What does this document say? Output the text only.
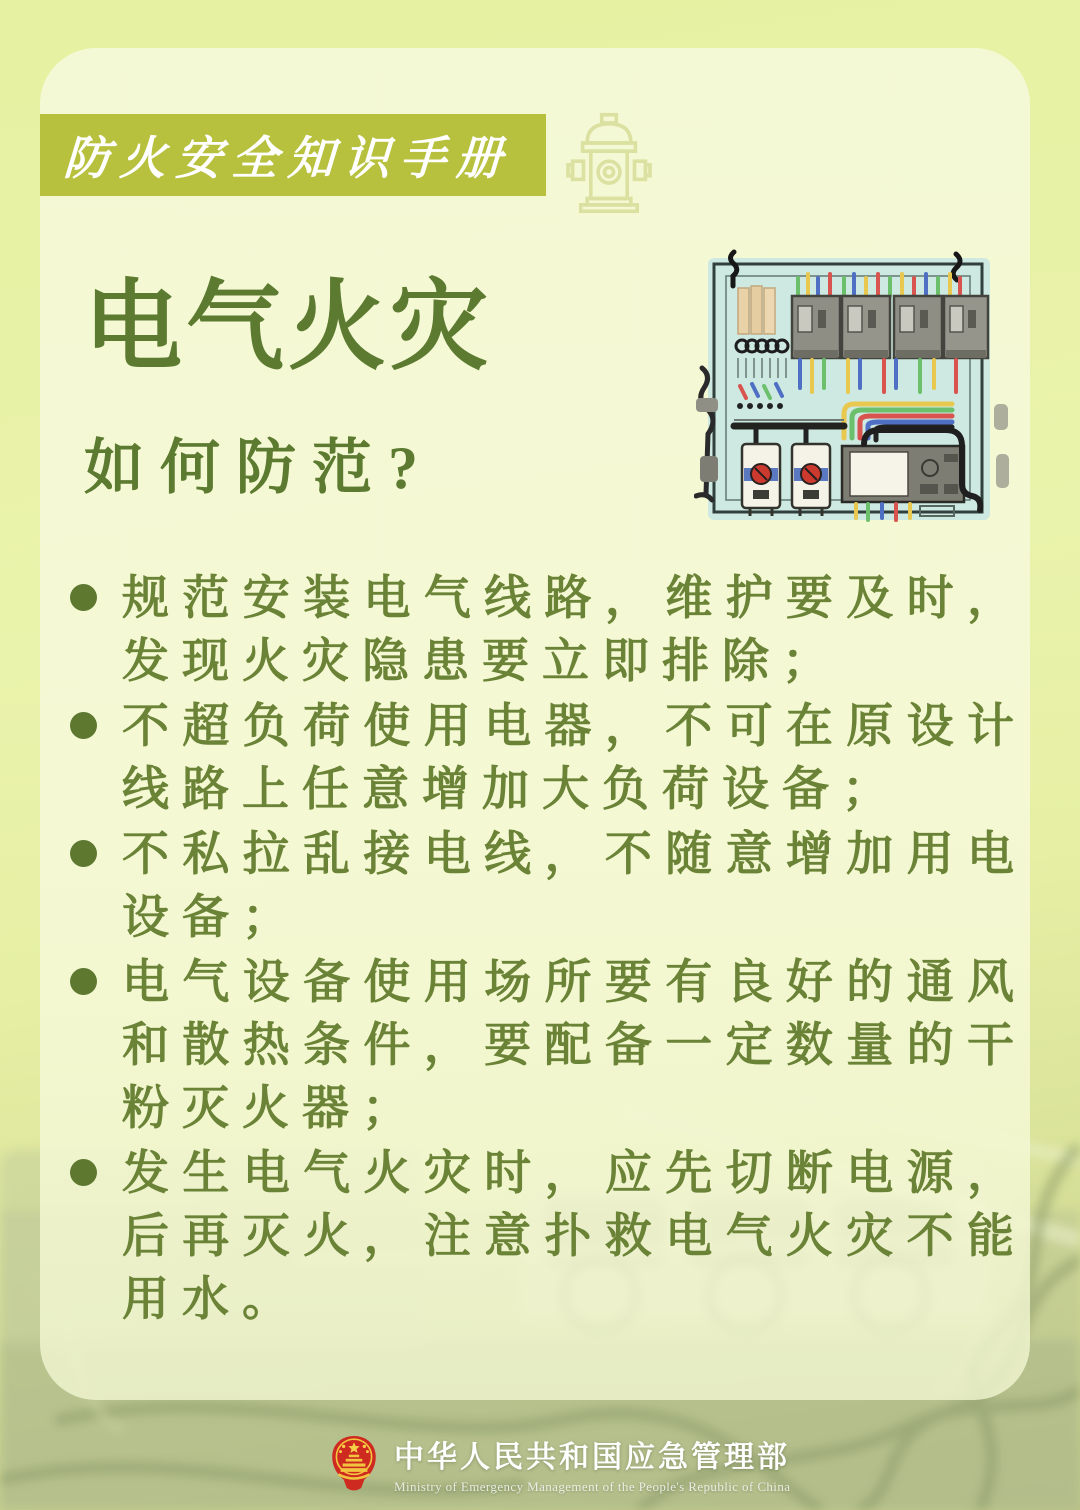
防火安全知识手册
电气火灾
如何防范?
规范安装电气线路，维护要及时，发现火灾隐患要立即排除；
不超负荷使用电器，不可在原设计线路上任意增加大负荷设备；
不私拉乱接电线，不随意增加用电设备；
电气设备使用场所要有良好的通风和散热条件，要配备一定数量的干粉灭火器；
发生电气火灾时，应先切断电源，后再灭火，注意扑救电气火灾不能用水。
中华人民共和国应急管理部
Ministry of Emergency Management of the People's Republic of China
